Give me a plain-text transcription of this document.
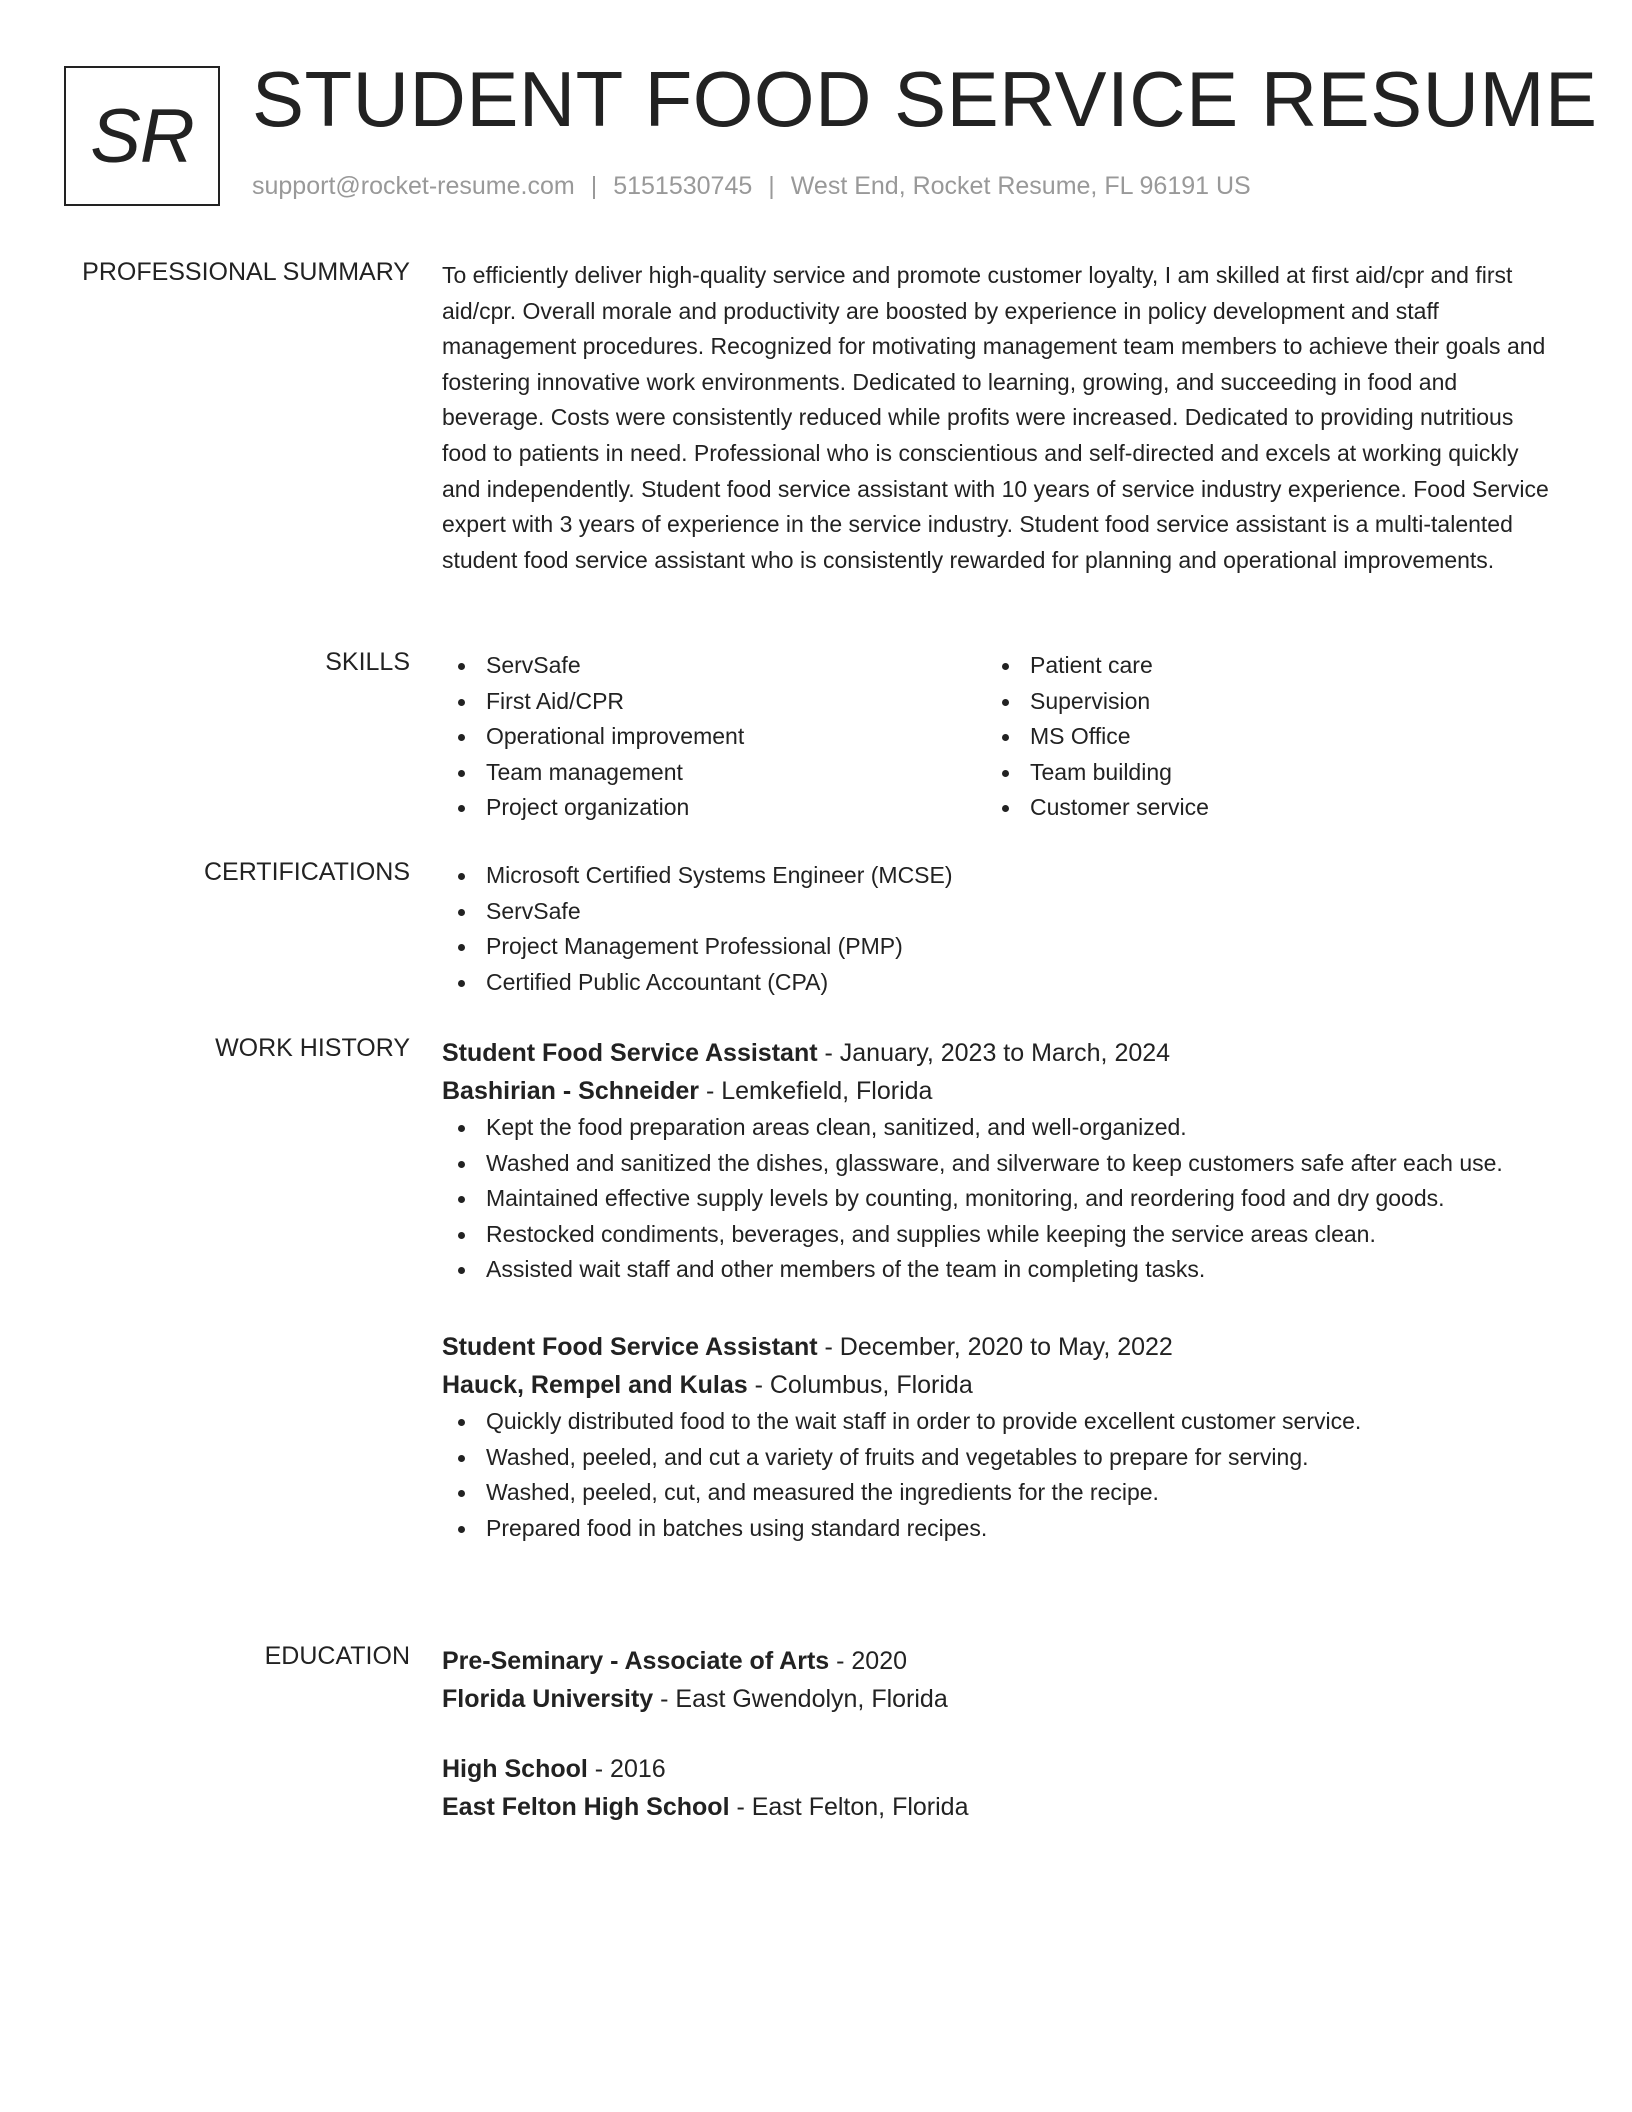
SR STUDENT FOOD SERVICE RESUME
support@rocket-resume.com | 5151530745 | West End, Rocket Resume, FL 96191 US
PROFESSIONAL SUMMARY To efficiently deliver high-quality service and promote customer loyalty, I am skilled at first aid/cpr and first aid/cpr. Overall morale and productivity are boosted by experience in policy development and staff management procedures. Recognized for motivating management team members to achieve their goals and fostering innovative work environments. Dedicated to learning, growing, and succeeding in food and beverage. Costs were consistently reduced while profits were increased. Dedicated to providing nutritious food to patients in need. Professional who is conscientious and self-directed and excels at working quickly and independently. Student food service assistant with 10 years of service industry experience. Food Service expert with 3 years of experience in the service industry. Student food service assistant is a multi-talented student food service assistant who is consistently rewarded for planning and operational improvements.

SKILLS	ServSafe
First Aid/CPR
Operational improvement
Team management
Project organization
Patient care
Supervision
MS Office
Team building
Customer service
CERTIFICATIONS	Microsoft Certified Systems Engineer (MCSE)
ServSafe
Project Management Professional (PMP)
Certified Public Accountant (CPA)
WORK HISTORY Student Food Service Assistant - January, 2023 to March, 2024
Bashirian - Schneider - Lemkefield, Florida
Kept the food preparation areas clean, sanitized, and well-organized.
Washed and sanitized the dishes, glassware, and silverware to keep customers safe after each use.
Maintained effective supply levels by counting, monitoring, and reordering food and dry goods.
Restocked condiments, beverages, and supplies while keeping the service areas clean.
Assisted wait staff and other members of the team in completing tasks.
Student Food Service Assistant - December, 2020 to May, 2022
Hauck, Rempel and Kulas - Columbus, Florida
Quickly distributed food to the wait staff in order to provide excellent customer service.
Washed, peeled, and cut a variety of fruits and vegetables to prepare for serving.
Washed, peeled, cut, and measured the ingredients for the recipe.
Prepared food in batches using standard recipes.
EDUCATION Pre-Seminary - Associate of Arts - 2020
Florida University - East Gwendolyn, Florida
High School - 2016
East Felton High School - East Felton, Florida
